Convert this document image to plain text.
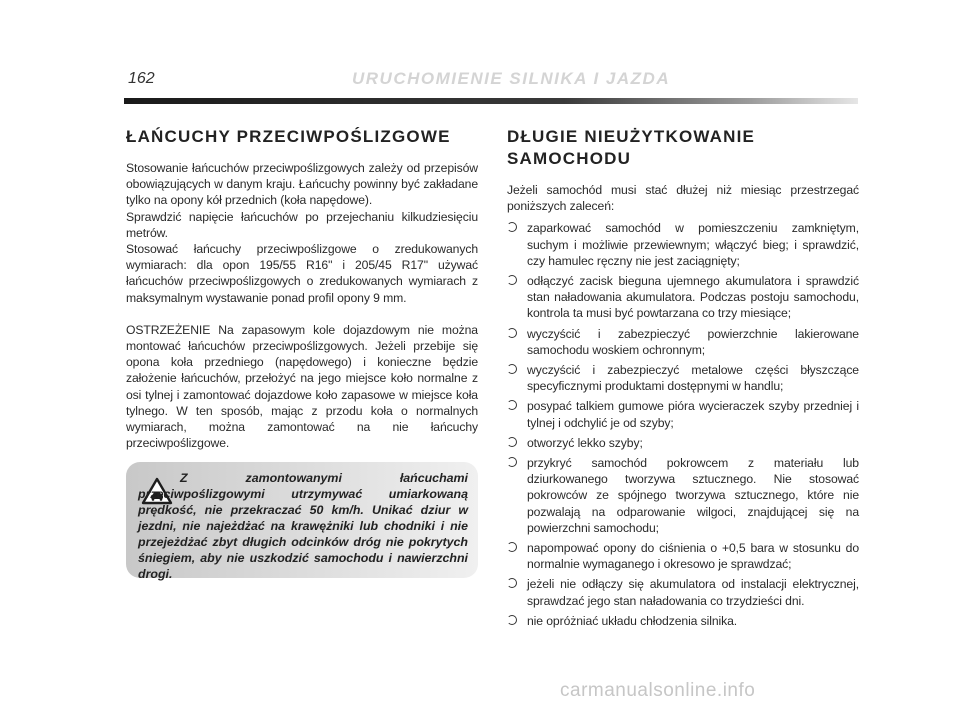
162	URUCHOMIENIE SILNIKA I JAZDA
ŁAŃCUCHY PRZECIWPOŚLIZGOWE

Stosowanie łańcuchów przeciwpoślizgowych zależy od przepisów obowiązujących w danym kraju. Łańcuchy powinny być zakładane tylko na opony kół przednich (koła napędowe).

Sprawdzić napięcie łańcuchów po przejechaniu kilkudziesięciu metrów.

Stosować łańcuchy przeciwpoślizgowe o zredukowanych wymiarach: dla opon 195/55 R16" i 205/45 R17" używać łańcuchów przeciwpoślizgowych o zredukowanych wymiarach z maksymalnym wystawanie ponad profil opony 9 mm.

OSTRZEŻENIE Na zapasowym kole dojazdowym nie można montować łańcuchów przeciwpoślizgowych. Jeżeli przebije się opona koła przedniego (napędowego) i konieczne będzie założenie łańcuchów, przełożyć na jego miejsce koło normalne z osi tylnej i zamontować dojazdowe koło zapasowe w miejsce koła tylnego. W ten sposób, mając z przodu koła o normalnych wymiarach, można zamontować na nie łańcuchy przeciwpoślizgowe.

Z zamontowanymi łańcuchami przeciwpoślizgowymi utrzymywać umiarkowaną prędkość, nie przekraczać 50 km/h. Unikać dziur w jezdni, nie najeżdżać na krawężniki lub chodniki i nie przejeżdżać zbyt długich odcinków dróg nie pokrytych śniegiem, aby nie uszkodzić samochodu i nawierzchni drogi.
DŁUGIE NIEUŻYTKOWANIE
SAMOCHODU

Jeżeli samochód musi stać dłużej niż miesiąc przestrzegać poniższych zaleceń:

zaparkować samochód w pomieszczeniu zamkniętym, suchym i możliwie przewiewnym; włączyć bieg; i sprawdzić, czy hamulec ręczny nie jest zaciągnięty;
odłączyć zacisk bieguna ujemnego akumulatora i sprawdzić stan naładowania akumulatora. Podczas postoju samochodu, kontrola ta musi być powtarzana co trzy miesiące;
wyczyścić i zabezpieczyć powierzchnie lakierowane samochodu woskiem ochronnym;
wyczyścić i zabezpieczyć metalowe części błyszczące specyficznymi produktami dostępnymi w handlu;
posypać talkiem gumowe pióra wycieraczek szyby przedniej i tylnej i odchylić je od szyby;
otworzyć lekko szyby;
przykryć samochód pokrowcem z materiału lub dziurkowanego tworzywa sztucznego. Nie stosować pokrowców ze spójnego tworzywa sztucznego, które nie pozwalają na odparowanie wilgoci, znajdującej się na powierzchni samochodu;
napompować opony do ciśnienia o +0,5 bara w stosunku do normalnie wymaganego i okresowo je sprawdzać;
jeżeli nie odłączy się akumulatora od instalacji elektrycznej, sprawdzać jego stan naładowania co trzydzieści dni.
nie opróżniać układu chłodzenia silnika.
carmanualsonline.info
